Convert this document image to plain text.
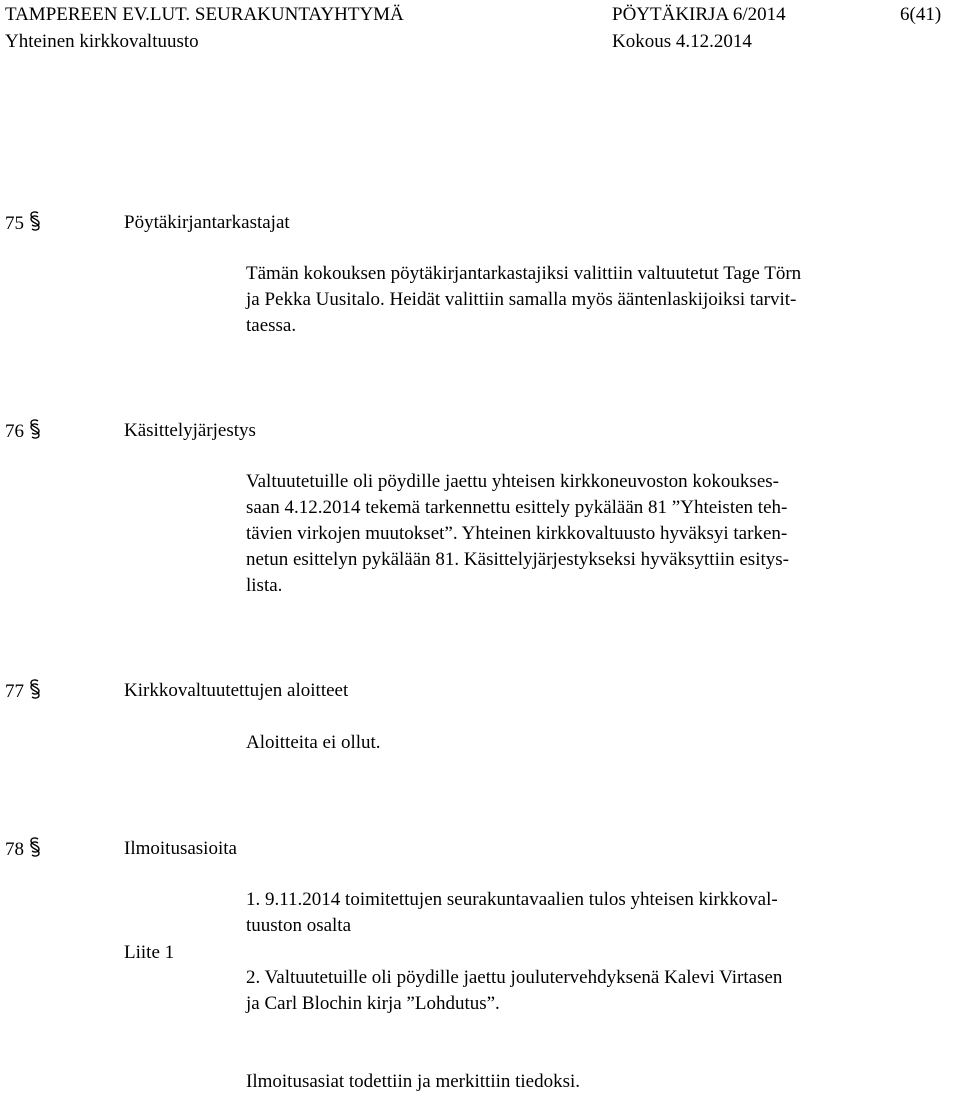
TAMPEREEN EV.LUT. SEURAKUNTAYHTYMÄ	PÖYTÄKIRJA 6/2014	6(41)
Yhteinen kirkkovaltuusto	Kokous 4.12.2014
75	Pöytäkirjantarkastajat
Tämän kokouksen pöytäkirjantarkastajiksi valittiin valtuutetut Tage Törn
ja Pekka Uusitalo. Heidät valittiin samalla myös ääntenlaskijoiksi tarvit-
taessa.
76	Käsittelyjärjestys
Valtuutetuille oli pöydille jaettu yhteisen kirkkoneuvoston kokoukses-
saan 4.12.2014 tekemä tarkennettu esittely pykälään 81 ”Yhteisten teh-
tävien virkojen muutokset”. Yhteinen kirkkovaltuusto hyväksyi tarken-
netun esittelyn pykälään 81. Käsittelyjärjestykseksi hyväksyttiin esitys-
lista.
77	Kirkkovaltuutettujen aloitteet
Aloitteita ei ollut.
78	Ilmoitusasioita
1. 9.11.2014 toimitettujen seurakuntavaalien tulos yhteisen kirkkoval-
tuuston osalta
Liite 1
2. Valtuutetuille oli pöydille jaettu joulutervehdyksenä Kalevi Virtasen
ja Carl Blochin kirja ”Lohdutus”.
Ilmoitusasiat todettiin ja merkittiin tiedoksi.
